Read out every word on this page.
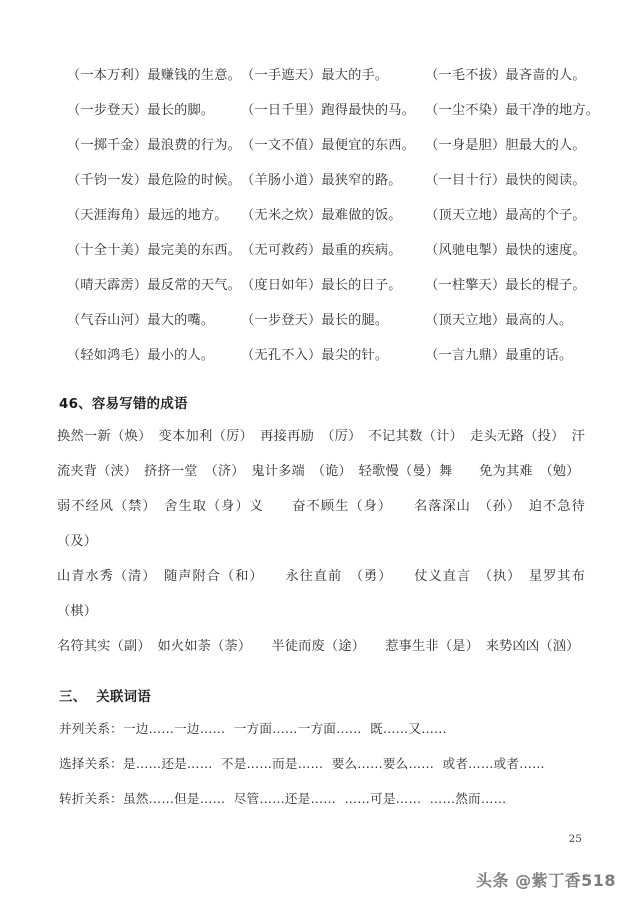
（一本万利）最赚钱的生意。	（一手遮天）最大的手。	（一毛不拔）最吝啬的人。
（一步登天）最长的脚。	（一日千里）跑得最快的马。	（一尘不染）最干净的地方。
（一掷千金）最浪费的行为。	（一文不值）最便宜的东西。	（一身是胆）胆最大的人。
（千钧一发）最危险的时候。	（羊肠小道）最狭窄的路。	（一目十行）最快的阅读。
（天涯海角）最远的地方。	（无米之炊）最难做的饭。	（顶天立地）最高的个子。
（十全十美）最完美的东西。	（无可救药）最重的疾病。	（风驰电掣）最快的速度。
（晴天霹雳）最反常的天气。	（度日如年）最长的日子。	（一柱擎天）最长的棍子。
（气吞山河）最大的嘴。	（一步登天）最长的腿。	（顶天立地）最高的人。
（轻如鸿毛）最小的人。	（无孔不入）最尖的针。	（一言九鼎）最重的话。
46、容易写错的成语

换然一新（焕）　变本加利（厉）　再接再励　（厉）　不记其数（计）　走头无路（投）　汗流夹背（浃）　挤挤一堂　（济）　鬼计多端　（诡）　轻歌慢（曼）舞　　免为其难　（勉）

弱不经风（禁）　舍生取（身）义　　奋不顾生（身）　　名落深山　（孙）　迫不急待（及）

山青水秀（清）　随声附合（和）　　永往直前　（勇）　　仗义直言　（执）　星罗其布　（棋）

名符其实（副）　如火如荼（荼）　　半徒而废（途）　　惹事生非（是）　来势凶凶（汹）

三、  关联词语
并列关系：一边……一边……  一方面……一方面……  既……又……
选择关系：是……还是……  不是……而是……  要么……要么……  或者……或者……
转折关系：虽然……但是……  尽管……还是……  ……可是……  ……然而……
25
头条 @紫丁香518
